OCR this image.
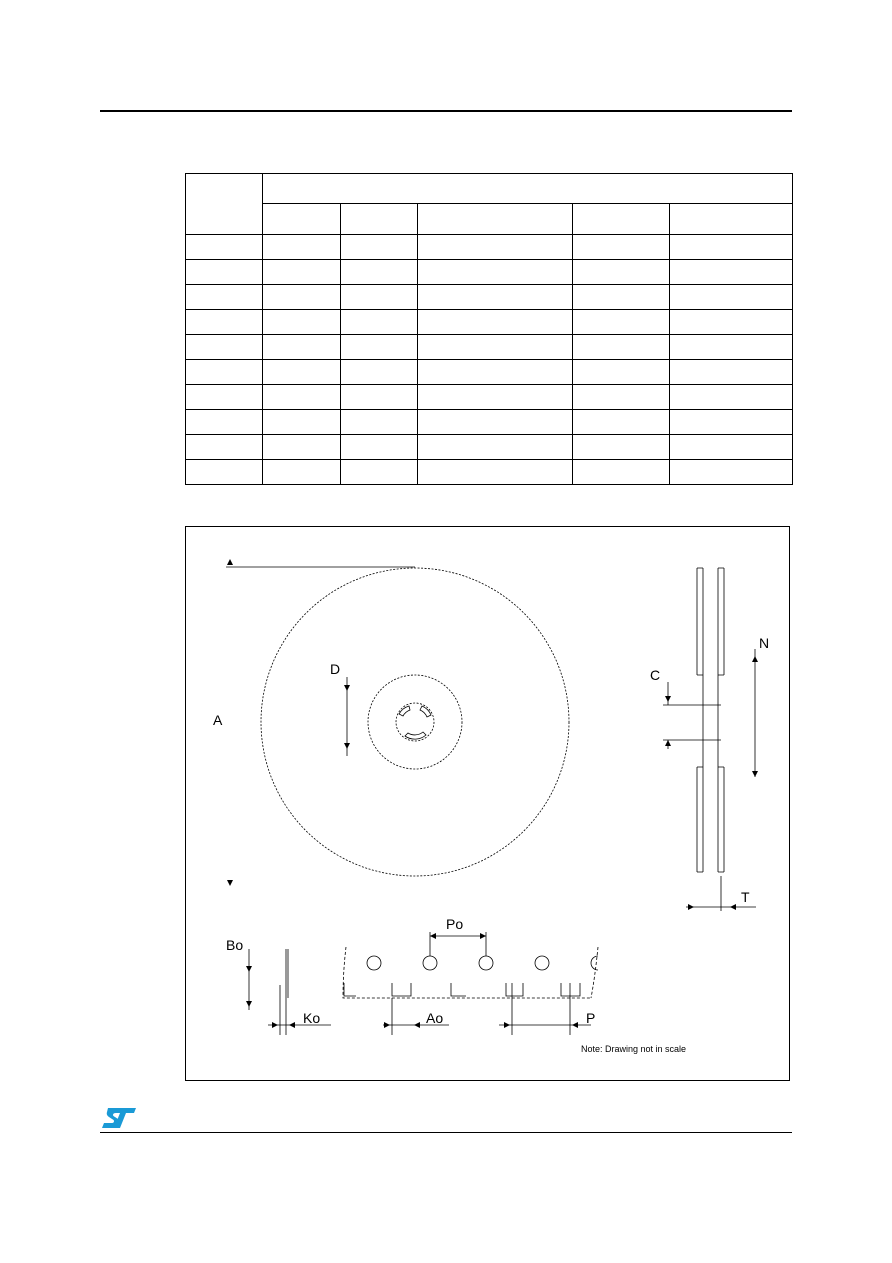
A
D	C
N
T
Bo
Ko	Ao
Po
P
Note: Drawing not in scale
